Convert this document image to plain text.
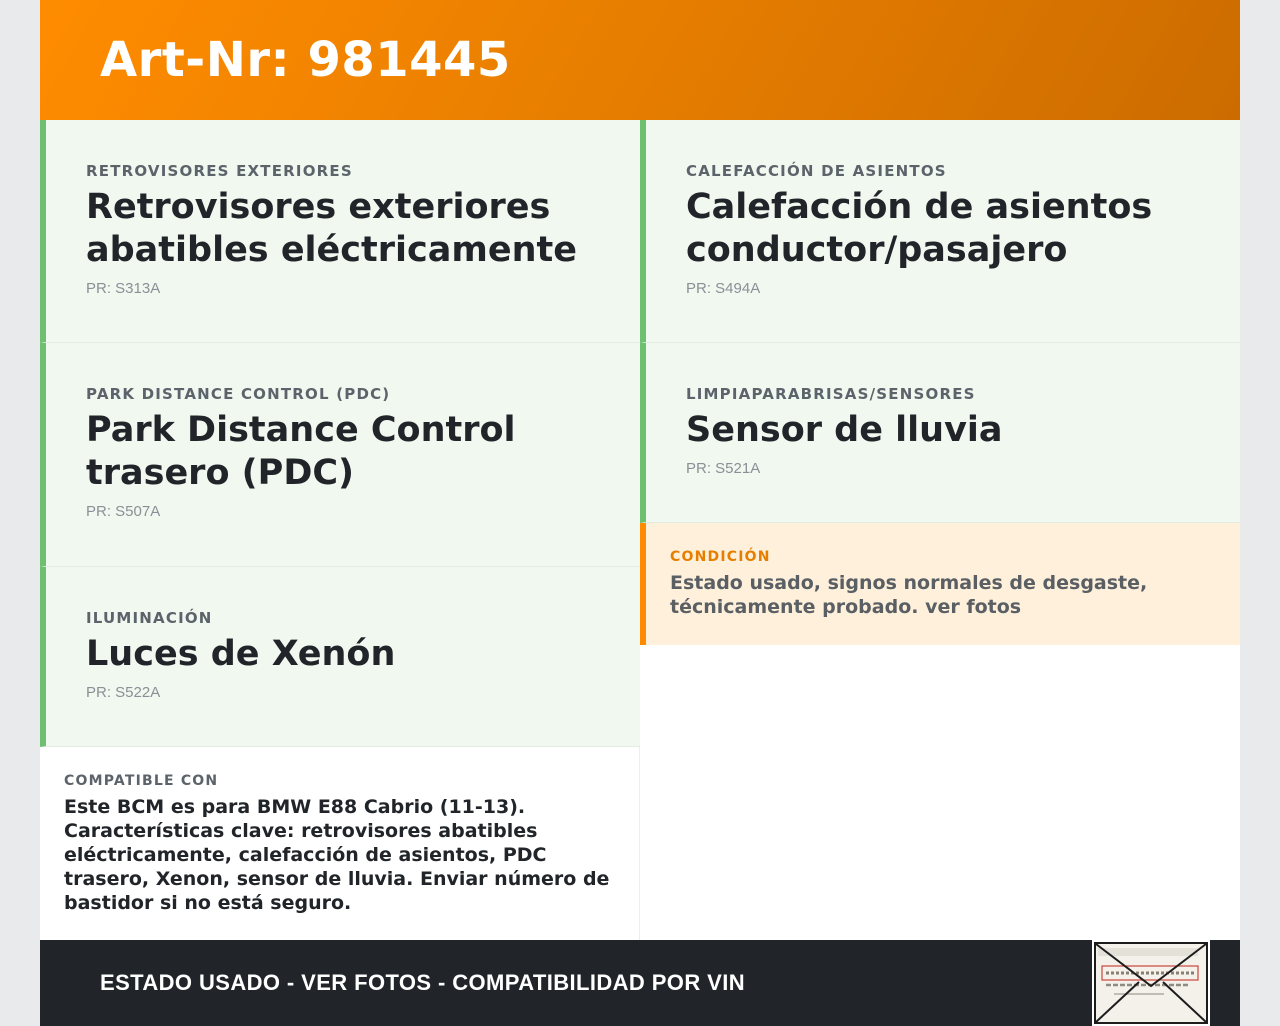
Art-Nr: 981445
RETROVISORES EXTERIORES
Retrovisores exteriores abatibles eléctricamente
PR: S313A
PARK DISTANCE CONTROL (PDC)
Park Distance Control trasero (PDC)
PR: S507A
ILUMINACIÓN
Luces de Xenón
PR: S522A
COMPATIBLE CON
Este BCM es para BMW E88 Cabrio (11-13). Características clave: retrovisores abatibles eléctricamente, calefacción de asientos, PDC trasero, Xenon, sensor de lluvia. Enviar número de bastidor si no está seguro.
CALEFACCIÓN DE ASIENTOS
Calefacción de asientos conductor/pasajero
PR: S494A
LIMPIAPARABRISAS/SENSORES
Sensor de lluvia
PR: S521A
CONDICIÓN
Estado usado, signos normales de desgaste, técnicamente probado. ver fotos
ESTADO USADO - VER FOTOS - COMPATIBILIDAD POR VIN
